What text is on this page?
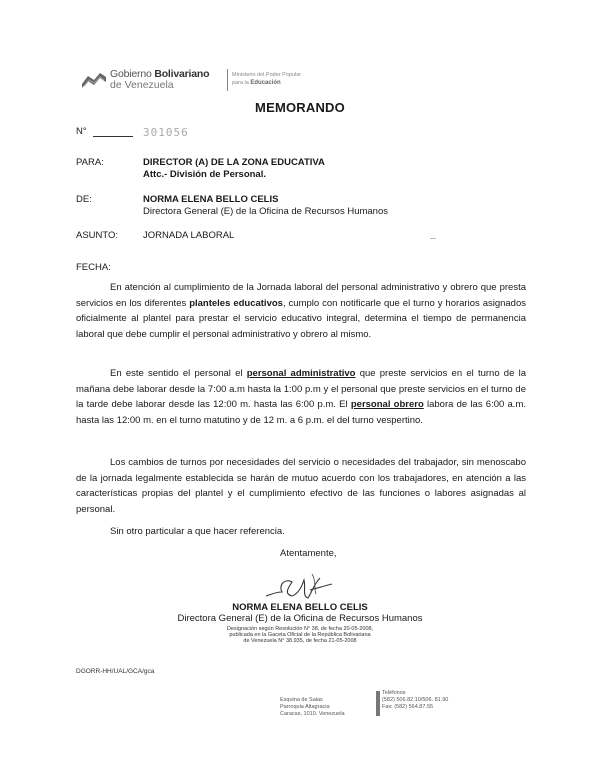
Gobierno Bolivariano
de Venezuela
Ministerio del Poder Popular
para la Educación
MEMORANDO
N°	301056
PARA:	DIRECTOR (A) DE LA ZONA EDUCATIVA
Attc.- División de Personal.
DE:	NORMA ELENA BELLO CELIS
Directora General (E) de la Oficina de Recursos Humanos
ASUNTO:	JORNADA LABORAL
FECHA:

En atención al cumplimiento de la Jornada laboral del personal administrativo y obrero que presta servicios en los diferentes planteles educativos, cumplo con notificarle que el turno y horarios asignados oficialmente al plantel para prestar el servicio educativo integral, determina el tiempo de permanencia laboral que debe cumplir el personal administrativo y obrero al mismo.

En este sentido el personal el personal administrativo que preste servicios en el turno de la mañana debe laborar desde la 7:00 a.m hasta la 1:00 p.m y el personal que preste servicios en el turno de la tarde debe laborar desde las 12:00 m. hasta las 6:00 p.m. El personal obrero labora de las 6:00 a.m. hasta las 12:00 m. en el turno matutino y de 12 m. a 6 p.m. el del turno vespertino.

Los cambios de turnos por necesidades del servicio o necesidades del trabajador, sin menoscabo de la jornada legalmente establecida se harán de mutuo acuerdo con los trabajadores, en atención a las características propias del plantel y el cumplimiento efectivo de las funciones o labores asignadas al personal.

Sin otro particular a que hacer referencia.

Atentamente,
NORMA ELENA BELLO CELIS
Directora General (E) de la Oficina de Recursos Humanos
Designación según Resolución N° 38, de fecha 20-05-2008,
publicada en la Gaceta Oficial de la República Bolivariana
de Venezuela N° 38.935, de fecha 21-05-2008
DGORR-HH/UAL/GCA/gca
Esquina de Salas
Parroquia Altagracia
Caracas, 1010. Venezuela
Teléfonos
(582) 506.82.10/506. 81.90
Fax: (582) 564.87.55
